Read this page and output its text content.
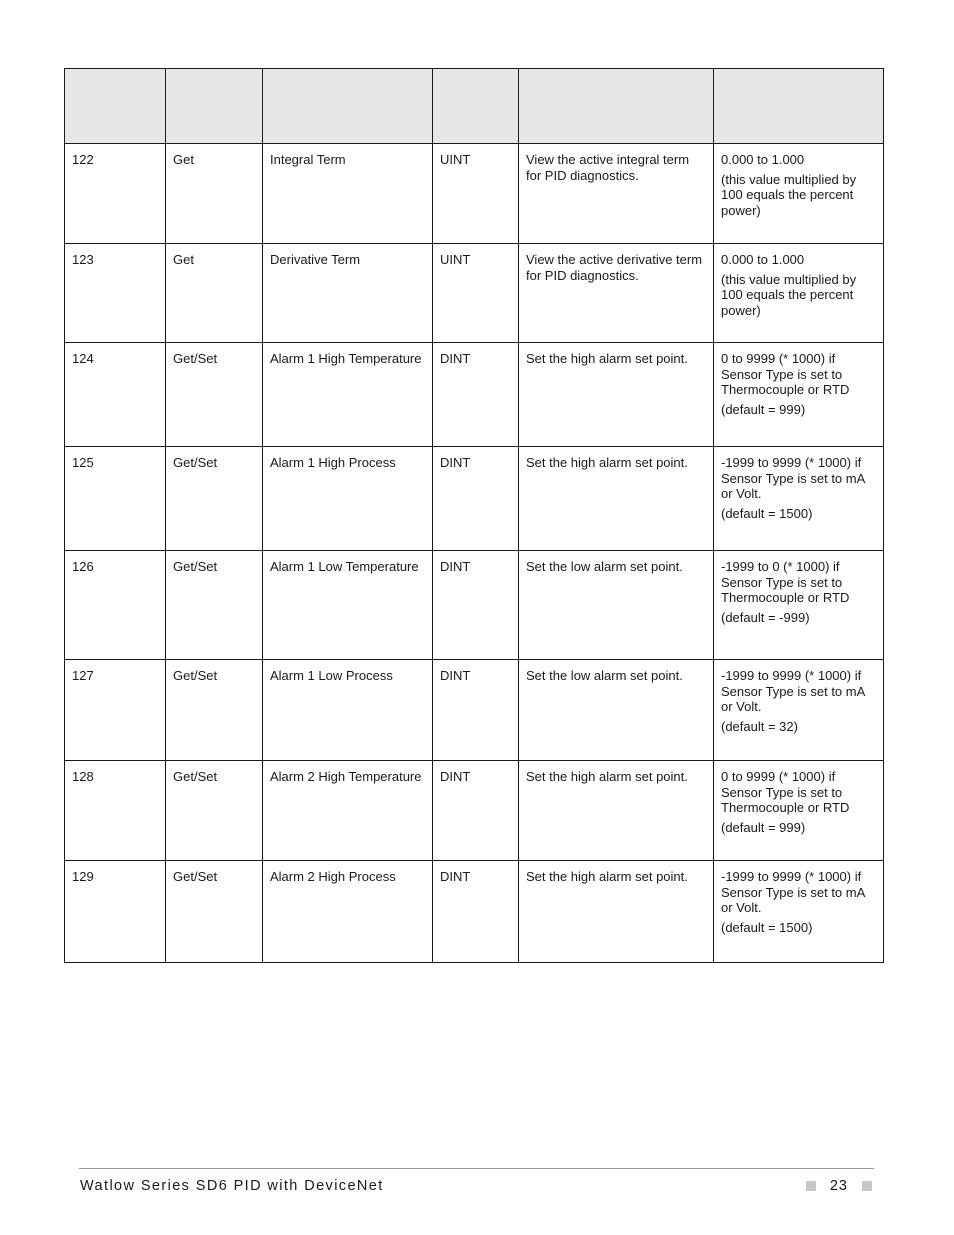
122	Get	Integral Term	UINT	View the active integral term for PID diagnostics.	0.000 to 1.000

(this value multiplied by 100 equals the percent power)

123	Get	Derivative Term	UINT	View the active derivative term for PID diagnostics.	0.000 to 1.000

(this value multiplied by 100 equals the percent power)

124	Get/Set	Alarm 1 High Temperature	DINT	Set the high alarm set point.	0 to 9999 (* 1000) if Sensor Type is set to Thermocouple or RTD

(default = 999)

125	Get/Set	Alarm 1 High Process	DINT	Set the high alarm set point.	-1999 to 9999 (* 1000) if Sensor Type is set to mA or Volt.

(default = 1500)

126	Get/Set	Alarm 1 Low Temperature	DINT	Set the low alarm set point.	-1999 to 0 (* 1000) if Sensor Type is set to Thermocouple or RTD

(default = -999)

127	Get/Set	Alarm 1 Low Process	DINT	Set the low alarm set point.	-1999 to 9999 (* 1000) if Sensor Type is set to mA or Volt.

(default = 32)

128	Get/Set	Alarm 2 High Temperature	DINT	Set the high alarm set point.	0 to 9999 (* 1000) if Sensor Type is set to Thermocouple or RTD

(default = 999)

129	Get/Set	Alarm 2 High Process	DINT	Set the high alarm set point.	-1999 to 9999 (* 1000) if Sensor Type is set to mA or Volt.

(default = 1500)

Watlow Series SD6 PID with DeviceNet	23
